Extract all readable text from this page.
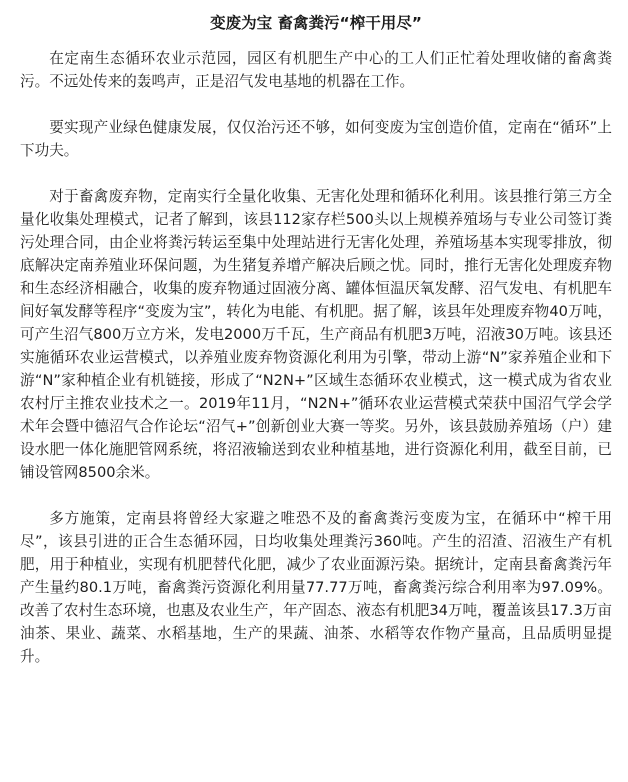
变废为宝 畜禽粪污“榨干用尽”

在定南生态循环农业示范园，园区有机肥生产中心的工人们正忙着处理收储的畜禽粪污。不远处传来的轰鸣声，正是沼气发电基地的机器在工作。

要实现产业绿色健康发展，仅仅治污还不够，如何变废为宝创造价值，定南在“循环”上下功夫。

对于畜禽废弃物，定南实行全量化收集、无害化处理和循环化利用。该县推行第三方全量化收集处理模式，记者了解到，该县112家存栏500头以上规模养殖场与专业公司签订粪污处理合同，由企业将粪污转运至集中处理站进行无害化处理，养殖场基本实现零排放，彻底解决定南养殖业环保问题，为生猪复养增产解决后顾之忧。同时，推行无害化处理废弃物和生态经济相融合，收集的废弃物通过固液分离、罐体恒温厌氧发酵、沼气发电、有机肥车间好氧发酵等程序“变废为宝”，转化为电能、有机肥。据了解，该县年处理废弃物40万吨，可产生沼气800万立方米，发电2000万千瓦，生产商品有机肥3万吨，沼液30万吨。该县还实施循环农业运营模式，以养殖业废弃物资源化利用为引擎，带动上游“N”家养殖企业和下游“N”家种植企业有机链接，形成了“N2N+”区域生态循环农业模式，这一模式成为省农业农村厅主推农业技术之一。2019年11月，“N2N+”循环农业运营模式荣获中国沼气学会学术年会暨中德沼气合作论坛“沼气+”创新创业大赛一等奖。另外，该县鼓励养殖场（户）建设水肥一体化施肥管网系统，将沼液输送到农业种植基地，进行资源化利用，截至目前，已铺设管网8500余米。

多方施策，定南县将曾经大家避之唯恐不及的畜禽粪污变废为宝，在循环中“榨干用尽”，该县引进的正合生态循环园，日均收集处理粪污360吨。产生的沼渣、沼液生产有机肥，用于种植业，实现有机肥替代化肥，减少了农业面源污染。据统计，定南县畜禽粪污年产生量约80.1万吨，畜禽粪污资源化利用量77.77万吨，畜禽粪污综合利用率为97.09%。改善了农村生态环境，也惠及农业生产，年产固态、液态有机肥34万吨，覆盖该县17.3万亩油茶、果业、蔬菜、水稻基地，生产的果蔬、油茶、水稻等农作物产量高，且品质明显提升。
